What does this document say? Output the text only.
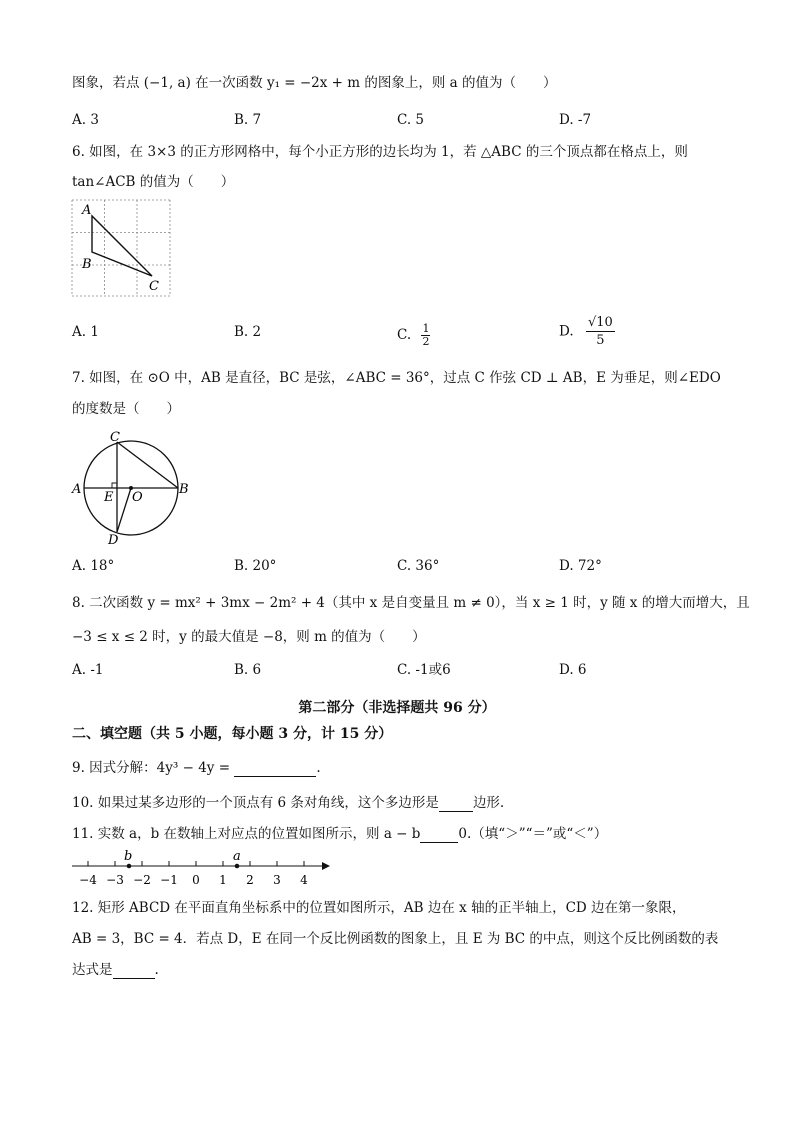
图象，若点 (−1, a) 在一次函数 y₁ = −2x + m 的图象上，则 a 的值为（　　）
A. 3	B. 7	C. 5	D. -7
6. 如图，在 3×3 的正方形网格中，每个小正方形的边长均为 1，若 △ABC 的三个顶点都在格点上，则
tan∠ACB 的值为（　　）
A
B
C
A. 1	B. 2	C. $\frac{1}{2}$	D. $\frac{√10}{5}$
7. 如图，在 ⊙O 中，AB 是直径，BC 是弦，∠ABC = 36°，过点 C 作弦 CD ⊥ AB，E 为垂足，则∠EDO
的度数是（　　）
C
A	B
E O
D
A. 18°	B. 20°	C. 36°	D. 72°
8. 二次函数 y = mx² + 3mx − 2m² + 4（其中 x 是自变量且 m ≠ 0），当 x ≥ 1 时，y 随 x 的增大而增大，且
−3 ≤ x ≤ 2 时，y 的最大值是 −8，则 m 的值为（　　）
A. -1	B. 6	C. -1或6	D. 6
第二部分（非选择题共 96 分）
二、填空题（共 5 小题，每小题 3 分，计 15 分）
9. 因式分解：4y³ − 4y =	.
10. 如果过某多边形的一个顶点有 6 条对角线，这个多边形是	边形.
11. 实数 a，b 在数轴上对应点的位置如图所示，则 a − b	0.（填“＞”“＝”或“＜”）
−4 −3 −2 −1 0 1 2 3 4
b	a
12. 矩形 ABCD 在平面直角坐标系中的位置如图所示，AB 边在 x 轴的正半轴上，CD 边在第一象限，
AB = 3，BC = 4．若点 D，E 在同一个反比例函数的图象上，且 E 为 BC 的中点，则这个反比例函数的表
达式是	.
